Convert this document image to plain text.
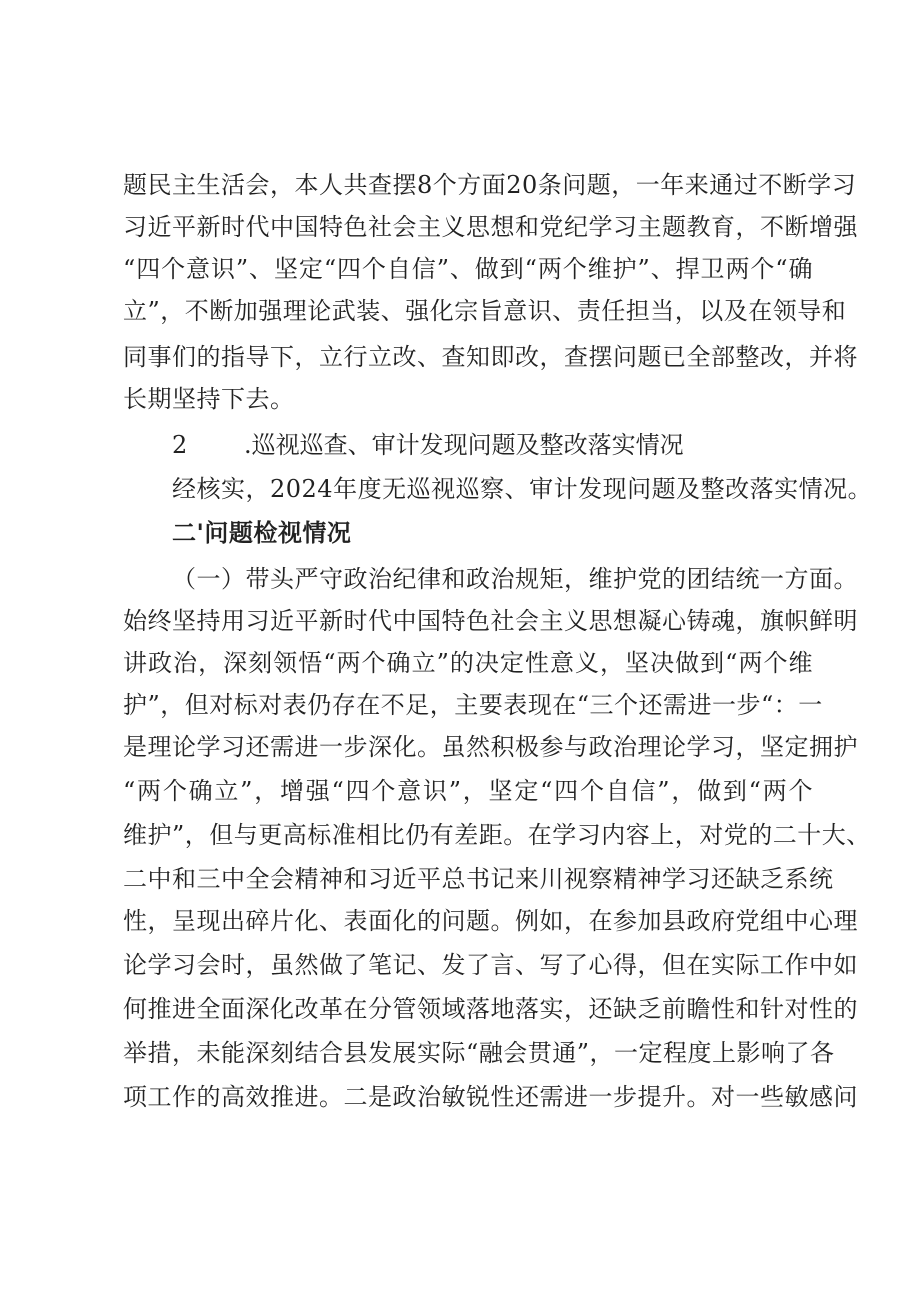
题民主生活会，本人共查摆8个方面20条问题，一年来通过不断学习
习近平新时代中国特色社会主义思想和党纪学习主题教育，不断增强
“四个意识”、坚定“四个自信”、做到“两个维护”、捍卫两个“确
立”，不断加强理论武装、强化宗旨意识、责任担当，以及在领导和
同事们的指导下，立行立改、查知即改，查摆问题已全部整改，并将
长期坚持下去。
2 .巡视巡查、审计发现问题及整改落实情况
经核实，2024年度无巡视巡察、审计发现问题及整改落实情况。
二'问题检视情况
（一）带头严守政治纪律和政治规矩，维护党的团结统一方面。
始终坚持用习近平新时代中国特色社会主义思想凝心铸魂，旗帜鲜明
讲政治，深刻领悟“两个确立”的决定性意义，坚决做到“两个维
护”，但对标对表仍存在不足，主要表现在“三个还需进一步“：一
是理论学习还需进一步深化。虽然积极参与政治理论学习，坚定拥护
“两个确立”，增强“四个意识”，坚定“四个自信”，做到“两个
维护”，但与更高标准相比仍有差距。在学习内容上，对党的二十大、
二中和三中全会精神和习近平总书记来川视察精神学习还缺乏系统
性，呈现出碎片化、表面化的问题。例如，在参加县政府党组中心理
论学习会时，虽然做了笔记、发了言、写了心得，但在实际工作中如
何推进全面深化改革在分管领域落地落实，还缺乏前瞻性和针对性的
举措，未能深刻结合县发展实际“融会贯通”，一定程度上影响了各
项工作的高效推进。二是政治敏锐性还需进一步提升。对一些敏感问
